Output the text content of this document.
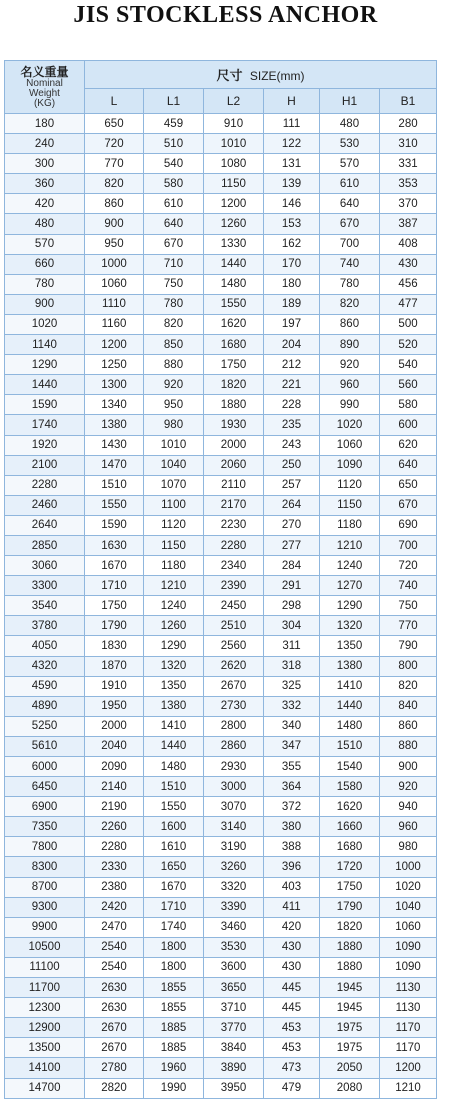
JIS STOCKLESS ANCHOR
名义重量
Nominal
Weight
(KG)	尺寸 SIZE(mm)					
	L	L1	L2	H	H1	B1
180	650	459	910	111	480	280
240	720	510	1010	122	530	310
300	770	540	1080	131	570	331
360	820	580	1150	139	610	353
420	860	610	1200	146	640	370
480	900	640	1260	153	670	387
570	950	670	1330	162	700	408
660	1000	710	1440	170	740	430
780	1060	750	1480	180	780	456
900	1110	780	1550	189	820	477
1020	1160	820	1620	197	860	500
1140	1200	850	1680	204	890	520
1290	1250	880	1750	212	920	540
1440	1300	920	1820	221	960	560
1590	1340	950	1880	228	990	580
1740	1380	980	1930	235	1020	600
1920	1430	1010	2000	243	1060	620
2100	1470	1040	2060	250	1090	640
2280	1510	1070	2110	257	1120	650
2460	1550	1100	2170	264	1150	670
2640	1590	1120	2230	270	1180	690
2850	1630	1150	2280	277	1210	700
3060	1670	1180	2340	284	1240	720
3300	1710	1210	2390	291	1270	740
3540	1750	1240	2450	298	1290	750
3780	1790	1260	2510	304	1320	770
4050	1830	1290	2560	311	1350	790
4320	1870	1320	2620	318	1380	800
4590	1910	1350	2670	325	1410	820
4890	1950	1380	2730	332	1440	840
5250	2000	1410	2800	340	1480	860
5610	2040	1440	2860	347	1510	880
6000	2090	1480	2930	355	1540	900
6450	2140	1510	3000	364	1580	920
6900	2190	1550	3070	372	1620	940
7350	2260	1600	3140	380	1660	960
7800	2280	1610	3190	388	1680	980
8300	2330	1650	3260	396	1720	1000
8700	2380	1670	3320	403	1750	1020
9300	2420	1710	3390	411	1790	1040
9900	2470	1740	3460	420	1820	1060
10500	2540	1800	3530	430	1880	1090
11100	2540	1800	3600	430	1880	1090
11700	2630	1855	3650	445	1945	1130
12300	2630	1855	3710	445	1945	1130
12900	2670	1885	3770	453	1975	1170
13500	2670	1885	3840	453	1975	1170
14100	2780	1960	3890	473	2050	1200
14700	2820	1990	3950	479	2080	1210
